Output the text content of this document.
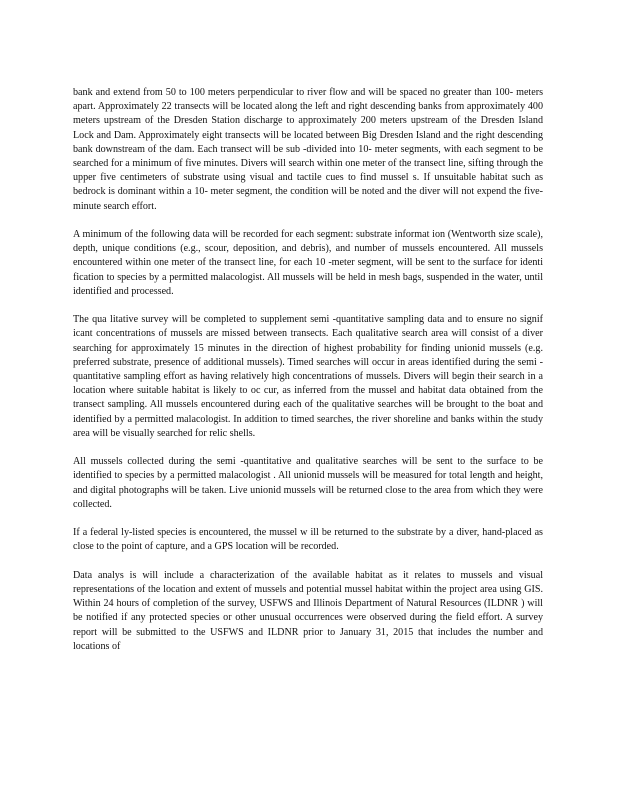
bank and extend from 50 to 100 meters perpendicular to river flow and will be spaced no greater than 100- meters apart. Approximately 22 transects will be located along the left and right descending banks from approximately 400 meters upstream of the Dresden Station discharge to approximately 200 meters upstream of the Dresden Island Lock and Dam. Approximately eight transects will be located between Big Dresden Island and the right descending bank downstream of the dam. Each transect will be sub -divided into 10- meter segments, with each segment to be searched for a minimum of five minutes. Divers will search within one meter of the transect line, sifting through the upper five centimeters of substrate using visual and tactile cues to find mussel s. If unsuitable habitat such as bedrock is dominant within a 10- meter segment, the condition will be noted and the diver will not expend the five- minute search effort.

A minimum of the following data will be recorded for each segment: substrate informat ion (Wentworth size scale), depth, unique conditions (e.g., scour, deposition, and debris), and number of mussels encountered. All mussels encountered within one meter of the transect line, for each 10 -meter segment, will be sent to the surface for identi fication to species by a permitted malacologist. All mussels will be held in mesh bags, suspended in the water, until identified and processed.

The qua litative survey will be completed to supplement semi -quantitative sampling data and to ensure no signif icant concentrations of mussels are missed between transects. Each qualitative search area will consist of a diver searching for approximately 15 minutes in the direction of highest probability for finding unionid mussels (e.g. preferred substrate, presence of additional mussels). Timed searches will occur in areas identified during the semi -quantitative sampling effort as having relatively high concentrations of mussels. Divers will begin their search in a location where suitable habitat is likely to oc cur, as inferred from the mussel and habitat data obtained from the transect sampling. All mussels encountered during each of the qualitative searches will be brought to the boat and identified by a permitted malacologist. In addition to timed searches, the river shoreline and banks within the study area will be visually searched for relic shells.

All mussels collected during the semi -quantitative and qualitative searches will be sent to the surface to be identified to species by a permitted malacologist . All unionid mussels will be measured for total length and height, and digital photographs will be taken. Live unionid mussels will be returned close to the area from which they were collected.

If a federal ly-listed species is encountered, the mussel w ill be returned to the substrate by a diver, hand-placed as close to the point of capture, and a GPS location will be recorded.

Data analys is will include a characterization of the available habitat as it relates to mussels and visual representations of the location and extent of mussels and potential mussel habitat within the project area using GIS. Within 24 hours of completion of the survey, USFWS and Illinois Department of Natural Resources (ILDNR ) will be notified if any protected species or other unusual occurrences were observed during the field effort. A survey report will be submitted to the USFWS and ILDNR prior to January 31, 2015 that includes the number and locations of
